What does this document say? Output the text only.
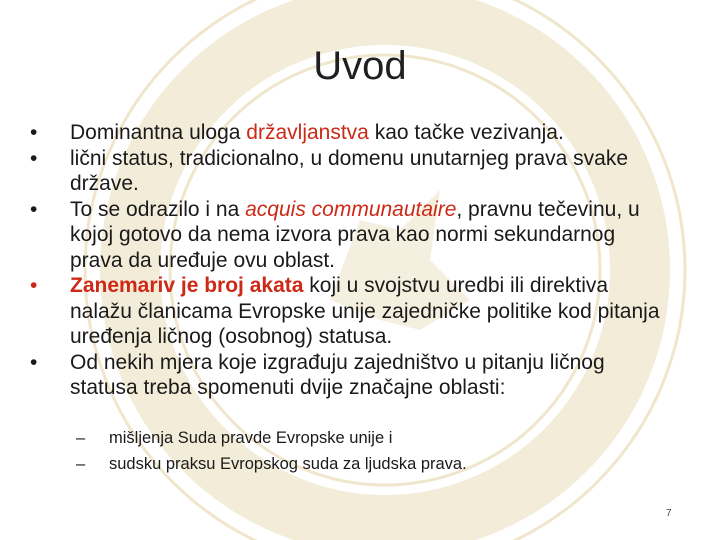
Uvod
• Dominantna uloga državljanstva kao tačke vezivanja.
• lični status, tradicionalno, u domenu unutarnjeg prava svake države.
• To se odrazilo i na acquis communautaire, pravnu tečevinu, u kojoj gotovo da nema izvora prava kao normi sekundarnog prava da uređuje ovu oblast.
• Zanemariv je broj akata koji u svojstvu uredbi ili direktiva nalažu članicama Evropske unije zajedničke politike kod pitanja uređenja ličnog (osobnog) statusa.
• Od nekih mjera koje izgrađuju zajedništvo u pitanju ličnog statusa treba spomenuti dvije značajne oblasti:
– mišljenja Suda pravde Evropske unije i
– sudsku praksu Evropskog suda za ljudska prava.
7
